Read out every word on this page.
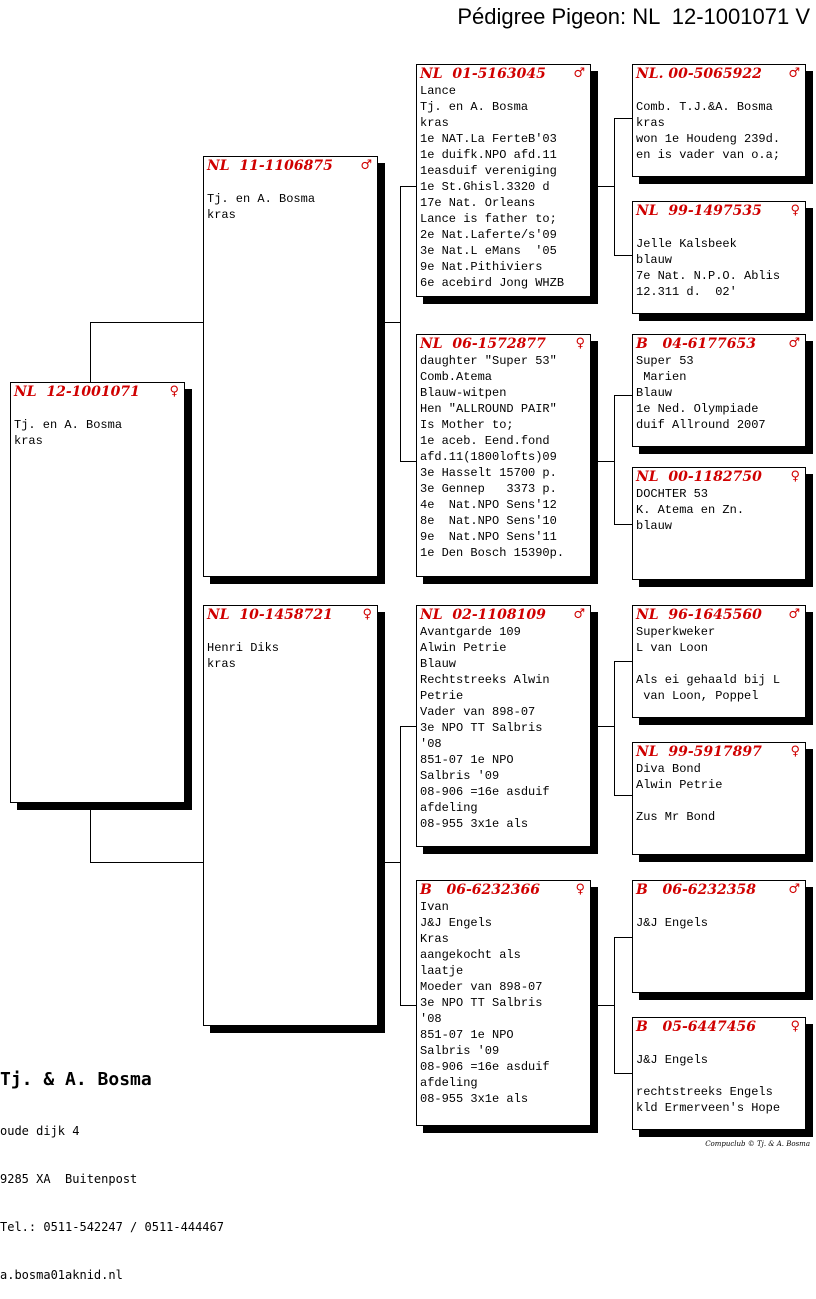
Pédigree Pigeon: NL  12-1001071 V
NL  12-1001071 ♀

Tj. en A. Bosma
kras
NL  11-1106875 ♂

Tj. en A. Bosma
kras
NL  10-1458721 ♀

Henri Diks
kras
NL  01-5163045 ♂
Lance
Tj. en A. Bosma
kras
1e NAT.La FerteB'03
1e duifk.NPO afd.11
1easduif vereniging
1e St.Ghisl.3320 d
17e Nat. Orleans
Lance is father to;
2e Nat.Laferte/s'09
3e Nat.L eMans  '05
9e Nat.Pithiviers
6e acebird Jong WHZB
NL  06-1572877 ♀
daughter "Super 53"
Comb.Atema
Blauw-witpen
Hen "ALLROUND PAIR"
Is Mother to;
1e aceb. Eend.fond
afd.11(1800lofts)09
3e Hasselt 15700 p.
3e Gennep   3373 p.
4e  Nat.NPO Sens'12
8e  Nat.NPO Sens'10
9e  Nat.NPO Sens'11
1e Den Bosch 15390p.
NL  02-1108109 ♂
Avantgarde 109
Alwin Petrie
Blauw
Rechtstreeks Alwin
Petrie
Vader van 898-07
3e NPO TT Salbris
'08
851-07 1e NPO
Salbris '09
08-906 =16e asduif
afdeling
08-955 3x1e als
B   06-6232366	♀
Ivan
J&J Engels
Kras
aangekocht als
laatje
Moeder van 898-07
3e NPO TT Salbris
'08
851-07 1e NPO
Salbris '09
08-906 =16e asduif
afdeling
08-955 3x1e als
NL. 00-5065922 ♂

Comb. T.J.&A. Bosma
kras
won 1e Houdeng 239d.
en is vader van o.a;
NL  99-1497535 ♀

Jelle Kalsbeek
blauw
7e Nat. N.P.O. Ablis
12.311 d.  02'
B   04-6177653 ♂
Super 53
Marien
Blauw
1e Ned. Olympiade
duif Allround 2007
NL  00-1182750 ♀
DOCHTER 53
K. Atema en Zn.
blauw
NL  96-1645560 ♂
Superkweker
L van Loon

Als ei gehaald bij L
van Loon, Poppel
NL  99-5917897 ♀
Diva Bond
Alwin Petrie

Zus Mr Bond
B   06-6232358 ♂

J&J Engels
B   05-6447456	♀

J&J Engels

rechtstreeks Engels
kld Ermerveen's Hope

Tj. & A. Bosma

oude dijk 4

9285 XA  Buitenpost

Tel.: 0511-542247 / 0511-444467

a.bosma01aknid.nl

Compuclub © Tj. & A. Bosma
